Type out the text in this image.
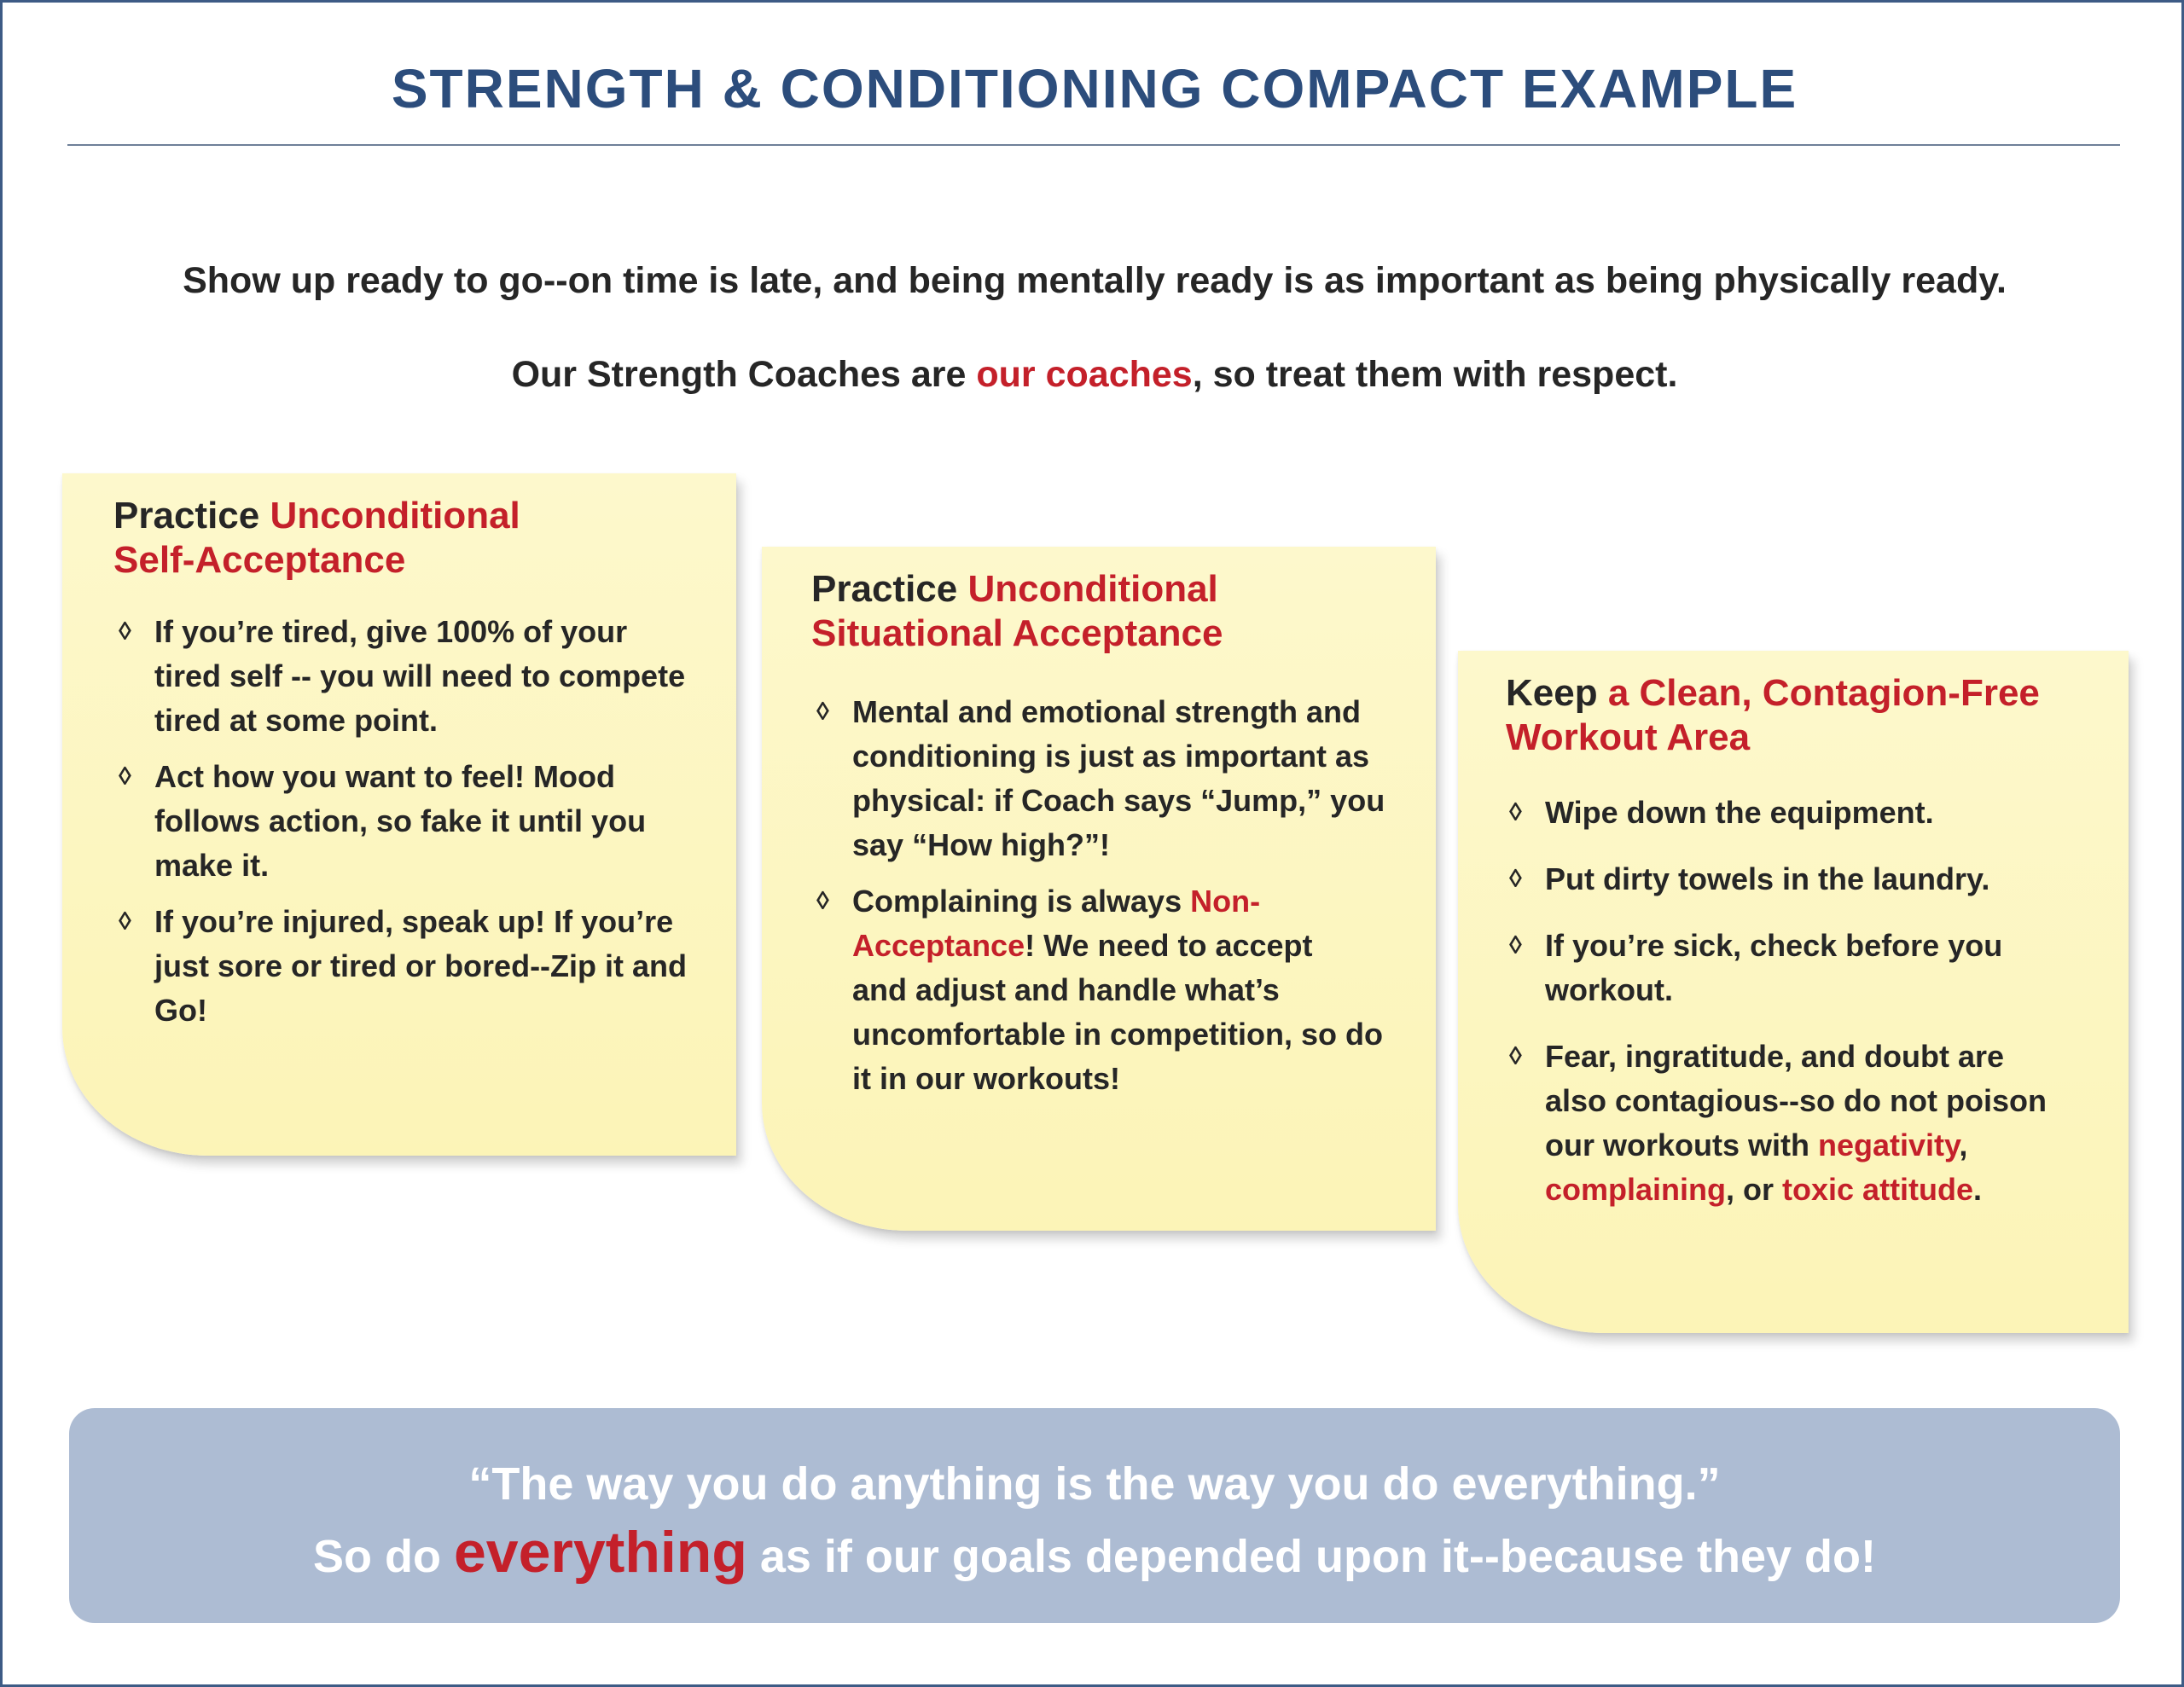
STRENGTH & CONDITIONING COMPACT EXAMPLE
Show up ready to go--on time is late, and being mentally ready is as important as being physically ready.
Our Strength Coaches are our coaches, so treat them with respect.
Practice Unconditional
Self-Acceptance
◊ If you’re tired, give 100% of your
tired self -- you will need to compete
tired at some point.
◊ Act how you want to feel! Mood
follows action, so fake it until you
make it.
◊ If you’re injured, speak up! If you’re
just sore or tired or bored--Zip it and
Go!
Practice Unconditional
Situational Acceptance
◊ Mental and emotional strength and
conditioning is just as important as
physical: if Coach says “Jump,” you
say “How high?”!
◊ Complaining is always Non-
Acceptance! We need to accept
and adjust and handle what’s
uncomfortable in competition, so do
it in our workouts!
Keep a Clean, Contagion-Free
Workout Area
◊ Wipe down the equipment.
◊ Put dirty towels in the laundry.
◊ If you’re sick, check before you
workout.
◊ Fear, ingratitude, and doubt are
also contagious--so do not poison
our workouts with negativity,
complaining, or toxic attitude.
“The way you do anything is the way you do everything.”
So do everything as if our goals depended upon it--because they do!
